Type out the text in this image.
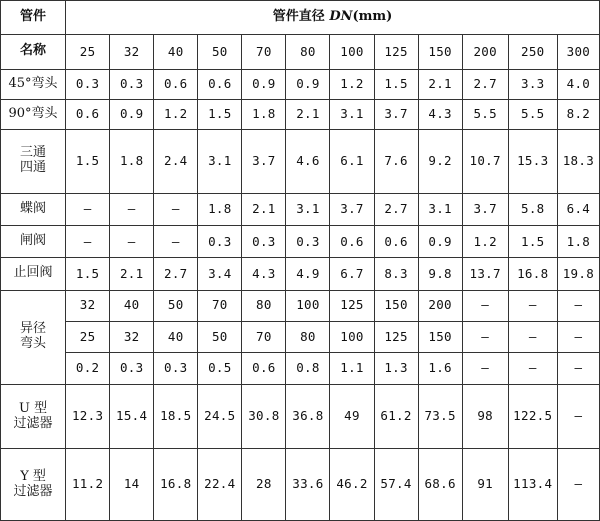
管件	管件直径 DN(mm)											
名称	25	32	40	50	70	80	100	125	150	200	250	300
45°弯头	0.3	0.3	0.6	0.6	0.9	0.9	1.2	1.5	2.1	2.7	3.3	4.0
90°弯头	0.6	0.9	1.2	1.5	1.8	2.1	3.1	3.7	4.3	5.5	5.5	8.2

三通
四通	1.5	1.8	2.4	3.1	3.7	4.6	6.1	7.6	9.2	10.7	15.3	18.3
蝶阀	—	—	—	1.8	2.1	3.1	3.7	2.7	3.1	3.7	5.8	6.4
闸阀	—	—	—	0.3	0.3	0.3	0.6	0.6	0.9	1.2	1.5	1.8
止回阀	1.5	2.1	2.7	3.4	4.3	4.9	6.7	8.3	9.8	13.7	16.8	19.8

异径
弯头	32	40	50	70	80	100	125	150	200	—	—	—
	25	32	40	50	70	80	100	125	150	—	—	—
	0.2	0.3	0.3	0.5	0.6	0.8	1.1	1.3	1.6	—	—	—

U 型
过滤器	12.3	15.4	18.5	24.5	30.8	36.8	49	61.2	73.5	98	122.5	—

Y 型
过滤器	11.2	14	16.8	22.4	28	33.6	46.2	57.4	68.6	91	113.4	—
